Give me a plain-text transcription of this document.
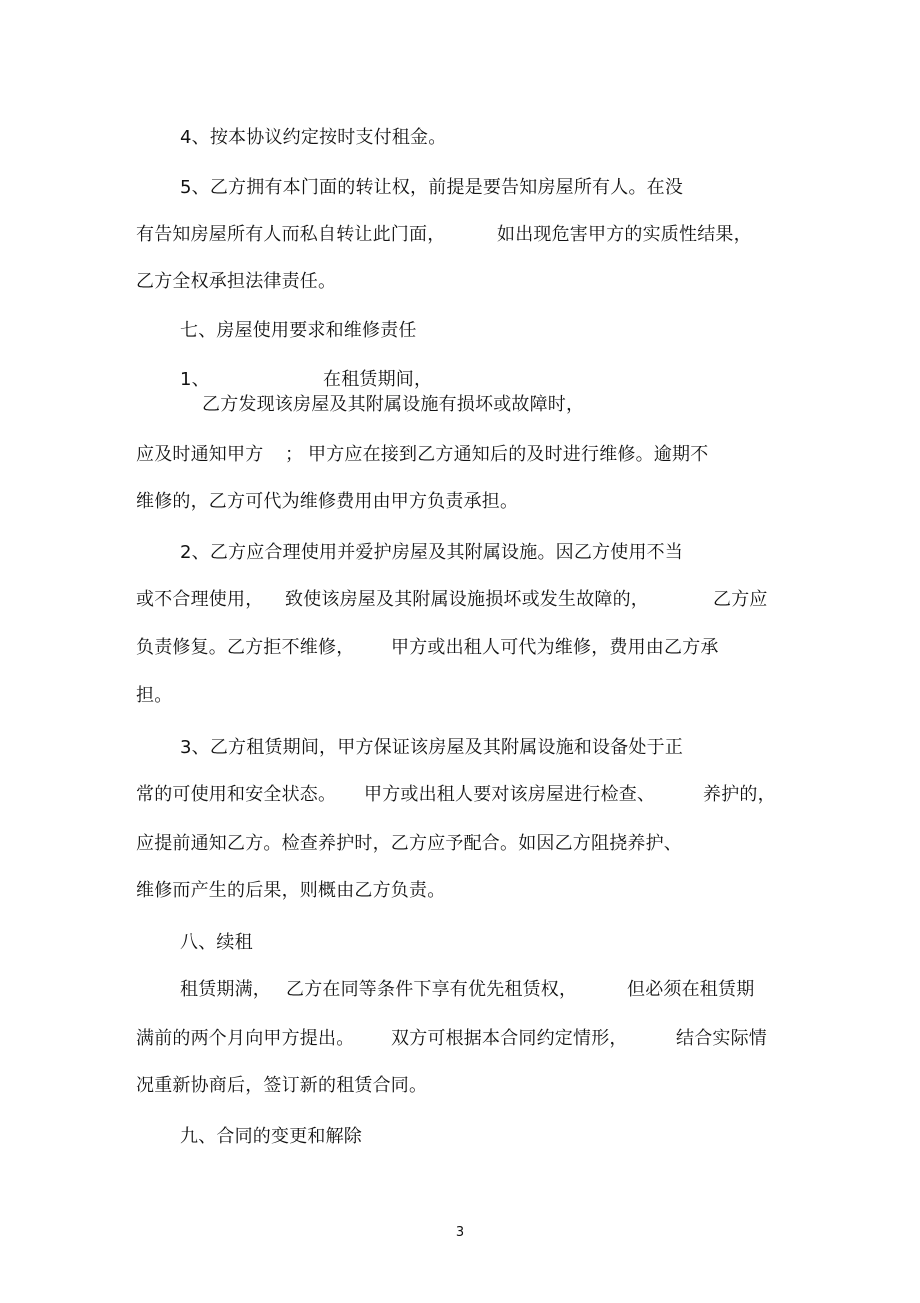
4、按本协议约定按时支付租金。
5、乙方拥有本门面的转让权，前提是要告知房屋所有人。在没
有告知房屋所有人而私自转让此门面，	如出现危害甲方的实质性结果，
乙方全权承担法律责任。
七、房屋使用要求和维修责任
1、	在租赁期间，
乙方发现该房屋及其附属设施有损坏或故障时，
应及时通知甲方 ； 甲方应在接到乙方通知后的及时进行维修。逾期不
维修的，乙方可代为维修费用由甲方负责承担。
2、乙方应合理使用并爱护房屋及其附属设施。因乙方使用不当
或不合理使用， 致使该房屋及其附属设施损坏或发生故障的，	乙方应
负责修复。乙方拒不维修， 甲方或出租人可代为维修，费用由乙方承
担。
3、乙方租赁期间，甲方保证该房屋及其附属设施和设备处于正
常的可使用和安全状态。 甲方或出租人要对该房屋进行检查、	养护的，
应提前通知乙方。检查养护时，乙方应予配合。如因乙方阻挠养护、
维修而产生的后果，则概由乙方负责。
八、续租
租赁期满， 乙方在同等条件下享有优先租赁权，	但必须在租赁期
满前的两个月向甲方提出。 双方可根据本合同约定情形，	结合实际情
况重新协商后，签订新的租赁合同。
九、合同的变更和解除
3
